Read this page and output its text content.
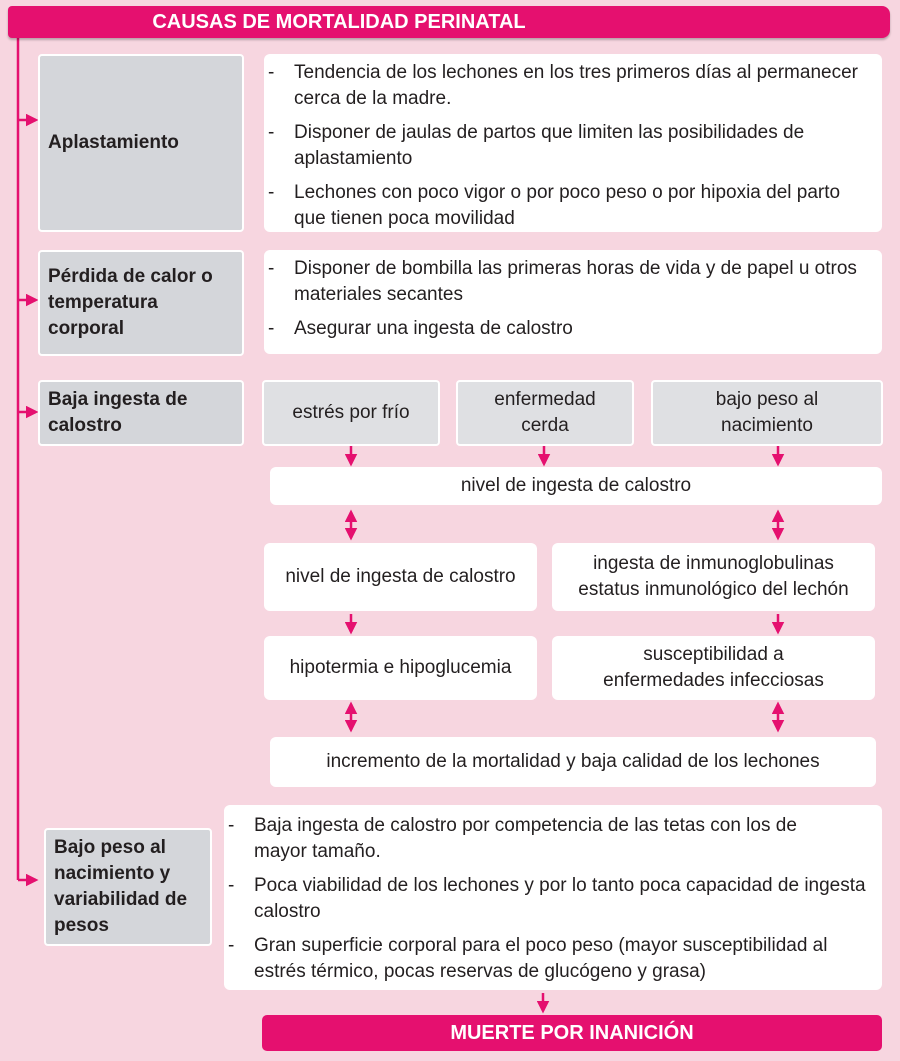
CAUSAS DE MORTALIDAD PERINATAL
Aplastamiento
- Tendencia de los lechones en los tres primeros días al permanecer cerca de la madre.
- Disponer de jaulas de partos que limiten las posibilidades de aplastamiento
- Lechones con poco vigor o por poco peso o por hipoxia del parto que tienen poca movilidad
Pérdida de calor o temperatura corporal
- Disponer de bombilla las primeras horas de vida y de papel u otros materiales secantes
- Asegurar una ingesta de calostro
Baja ingesta de calostro
estrés por frío
enfermedad cerda
bajo peso al nacimiento
nivel de ingesta de calostro
nivel de ingesta de calostro
ingesta de inmunoglobulinas estatus inmunológico del lechón
hipotermia e hipoglucemia
susceptibilidad a enfermedades infecciosas
incremento de la mortalidad y baja calidad de los lechones
Bajo peso al nacimiento y variabilidad de pesos
- Baja ingesta de calostro por competencia de las tetas con los de mayor tamaño.
- Poca viabilidad de los lechones y por lo tanto poca capacidad de ingesta calostro
- Gran superficie corporal para el poco peso (mayor susceptibilidad al estrés térmico, pocas reservas de glucógeno y grasa)
MUERTE POR INANICIÓN
